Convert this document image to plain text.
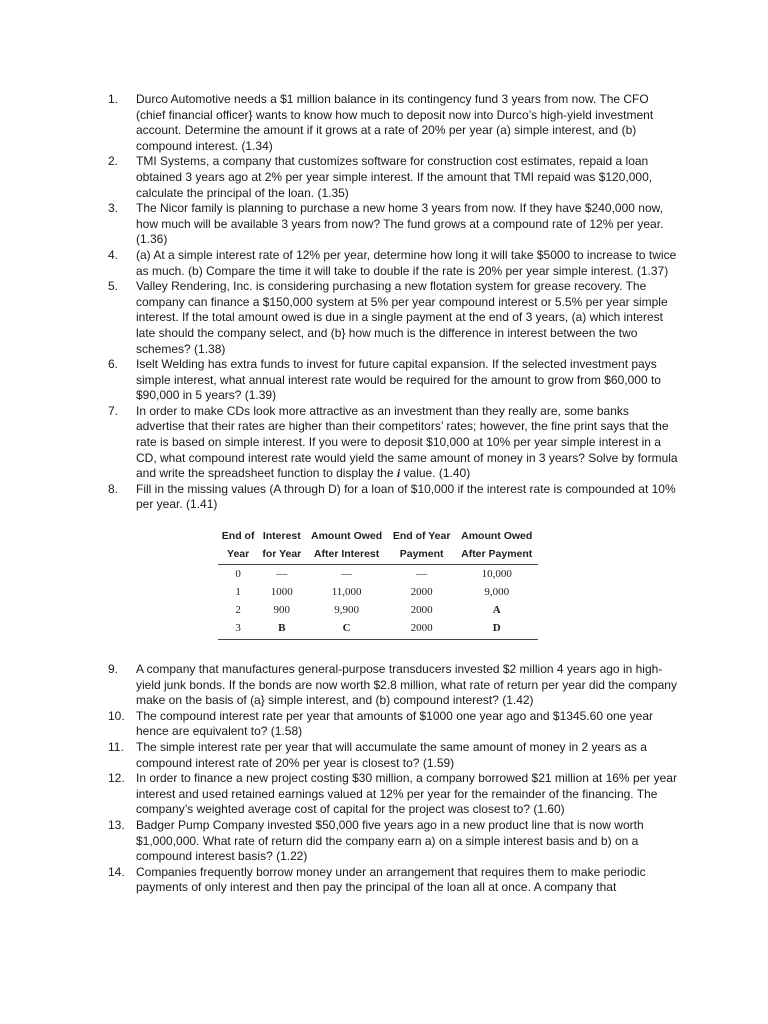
1.	Durco Automotive needs a $1 million balance in its contingency fund 3 years from now. The CFO (chief financial officer} wants to know how much to deposit now into Durco’s high-yield investment account. Determine the amount if it grows at a rate of 20% per year (a) simple interest, and (b) compound interest. (1.34)
2.	TMI Systems, a company that customizes software for construction cost estimates, repaid a loan obtained 3 years ago at 2% per year simple interest. If the amount that TMI repaid was $120,000, calculate the principal of the loan. (1.35)
3.	The Nicor family is planning to purchase a new home 3 years from now. If they have $240,000 now, how much will be available 3 years from now? The fund grows at a compound rate of 12% per year. (1.36)
4.	(a) At a simple interest rate of 12% per year, determine how long it will take $5000 to increase to twice as much. (b) Compare the time it will take to double if the rate is 20% per year simple interest. (1.37)
5.	Valley Rendering, Inc. is considering purchasing a new flotation system for grease recovery. The company can finance a $150,000 system at 5% per year compound interest or 5.5% per year simple interest. If the total amount owed is due in a single payment at the end of 3 years, (a) which interest late should the company select, and (b} how much is the difference in interest between the two schemes? (1.38)
6.	Iselt Welding has extra funds to invest for future capital expansion. If the selected investment pays simple interest, what annual interest rate would be required for the amount to grow from $60,000 to $90,000 in 5 years? (1.39)
7.	In order to make CDs look more attractive as an investment than they really are, some banks advertise that their rates are higher than their competitors’ rates; however, the fine print says that the rate is based on simple interest. If you were to deposit $10,000 at 10% per year simple interest in a CD, what compound interest rate would yield the same amount of money in 3 years? Solve by formula and write the spreadsheet function to display the i value. (1.40)
8.	Fill in the missing values (A through D) for a loan of $10,000 if the interest rate is compounded at 10% per year. (1.41)
End of	Interest	Amount Owed	End of Year	Amount Owed
Year	for Year	After Interest	Payment	After Payment
0	—	—	—	10,000
1	1000	11,000	2000	9,000
2	900	9,900	2000	A
3	B	C	2000	D
9.	A company that manufactures general-purpose transducers invested $2 million 4 years ago in high-yield junk bonds. If the bonds are now worth $2.8 million, what rate of return per year did the company make on the basis of (a} simple interest, and (b) compound interest? (1.42)
10. The compound interest rate per year that amounts of $1000 one year ago and $1345.60 one year hence are equivalent to? (1.58)
11.	The simple interest rate per year that will accumulate the same amount of money in 2 years as a compound interest rate of 20% per year is closest to? (1.59)
12. In order to finance a new project costing $30 million, a company borrowed $21 million at 16% per year interest and used retained earnings valued at 12% per year for the remainder of the financing. The company’s weighted average cost of capital for the project was closest to? (1.60)
13. Badger Pump Company invested $50,000 five years ago in a new product line that is now worth $1,000,000. What rate of return did the company earn a) on a simple interest basis and b) on a compound interest basis? (1.22)
14. Companies frequently borrow money under an arrangement that requires them to make periodic payments of only interest and then pay the principal of the loan all at once. A company that
